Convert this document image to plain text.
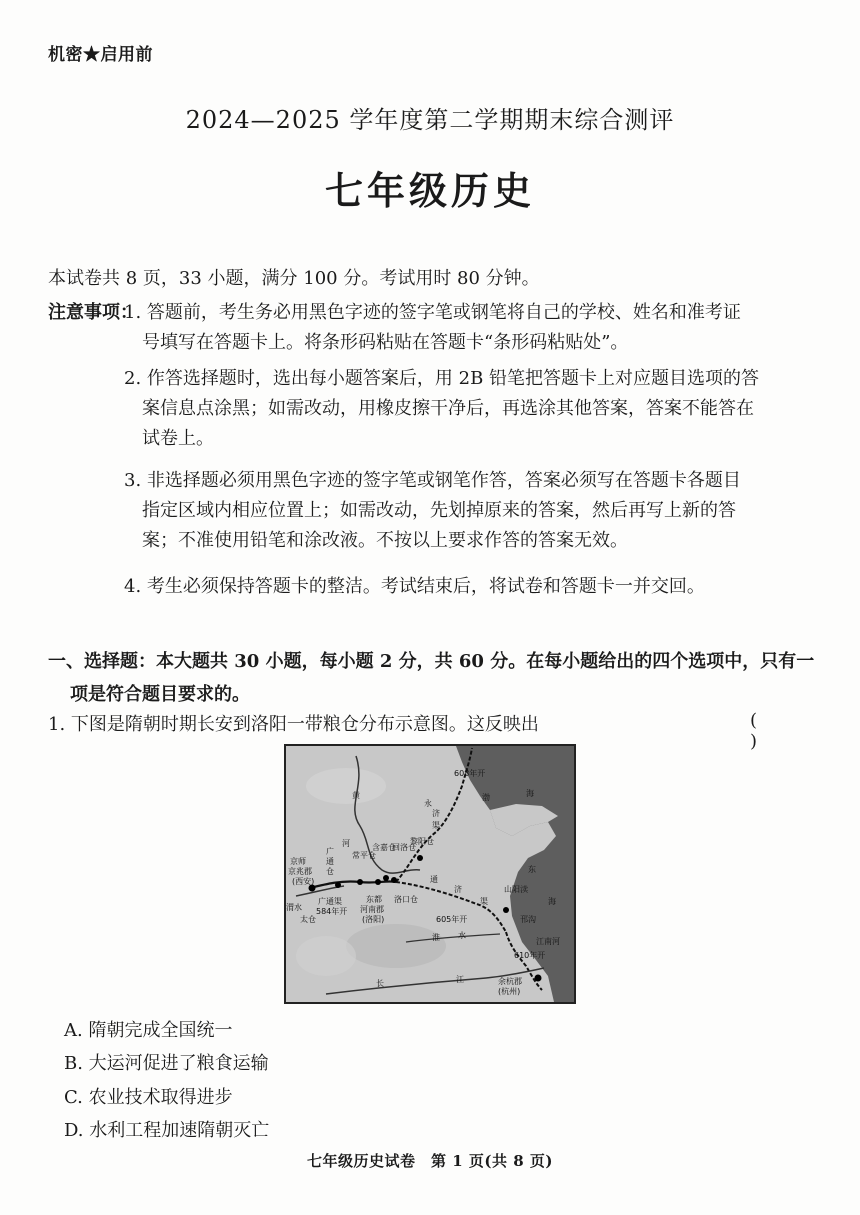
机密★启用前
2024—2025 学年度第二学期期末综合测评
七年级历史
本试卷共 8 页，33 小题，满分 100 分。考试用时 80 分钟。
注意事项：
1. 答题前，考生务必用黑色字迹的签字笔或钢笔将自己的学校、姓名和准考证
号填写在答题卡上。将条形码粘贴在答题卡“条形码粘贴处”。
2. 作答选择题时，选出每小题答案后，用 2B 铅笔把答题卡上对应题目选项的答
案信息点涂黑；如需改动，用橡皮擦干净后，再选涂其他答案，答案不能答在
试卷上。
3. 非选择题必须用黑色字迹的签字笔或钢笔作答，答案必须写在答题卡各题目
指定区域内相应位置上；如需改动，先划掉原来的答案，然后再写上新的答
案；不准使用铅笔和涂改液。不按以上要求作答的答案无效。
4. 考生必须保持答题卡的整洁。考试结束后，将试卷和答题卡一并交回。
一、选择题：本大题共 30 小题，每小题 2 分，共 60 分。在每小题给出的四个选项中，只有一
项是符合题目要求的。
1. 下图是隋朝时期长安到洛阳一带粮仓分布示意图。这反映出	( )
黄
河
渤	海
东
海
京师
京兆郡
(西安)
广
通
仓
常平仓
含嘉仓
回洛仓
黎阳仓
洛口仓
东都
河南郡
(洛阳)
广通渠
584年开
渭水
太仓
通
济
渠
605年开
永
济
渠
608年开
山阳渎
邗沟
610年开
江南河
淮 水
长	江	余杭郡
(杭州)
A. 隋朝完成全国统一
B. 大运河促进了粮食运输
C. 农业技术取得进步
D. 水利工程加速隋朝灭亡
七年级历史试卷　第 1 页(共 8 页)
